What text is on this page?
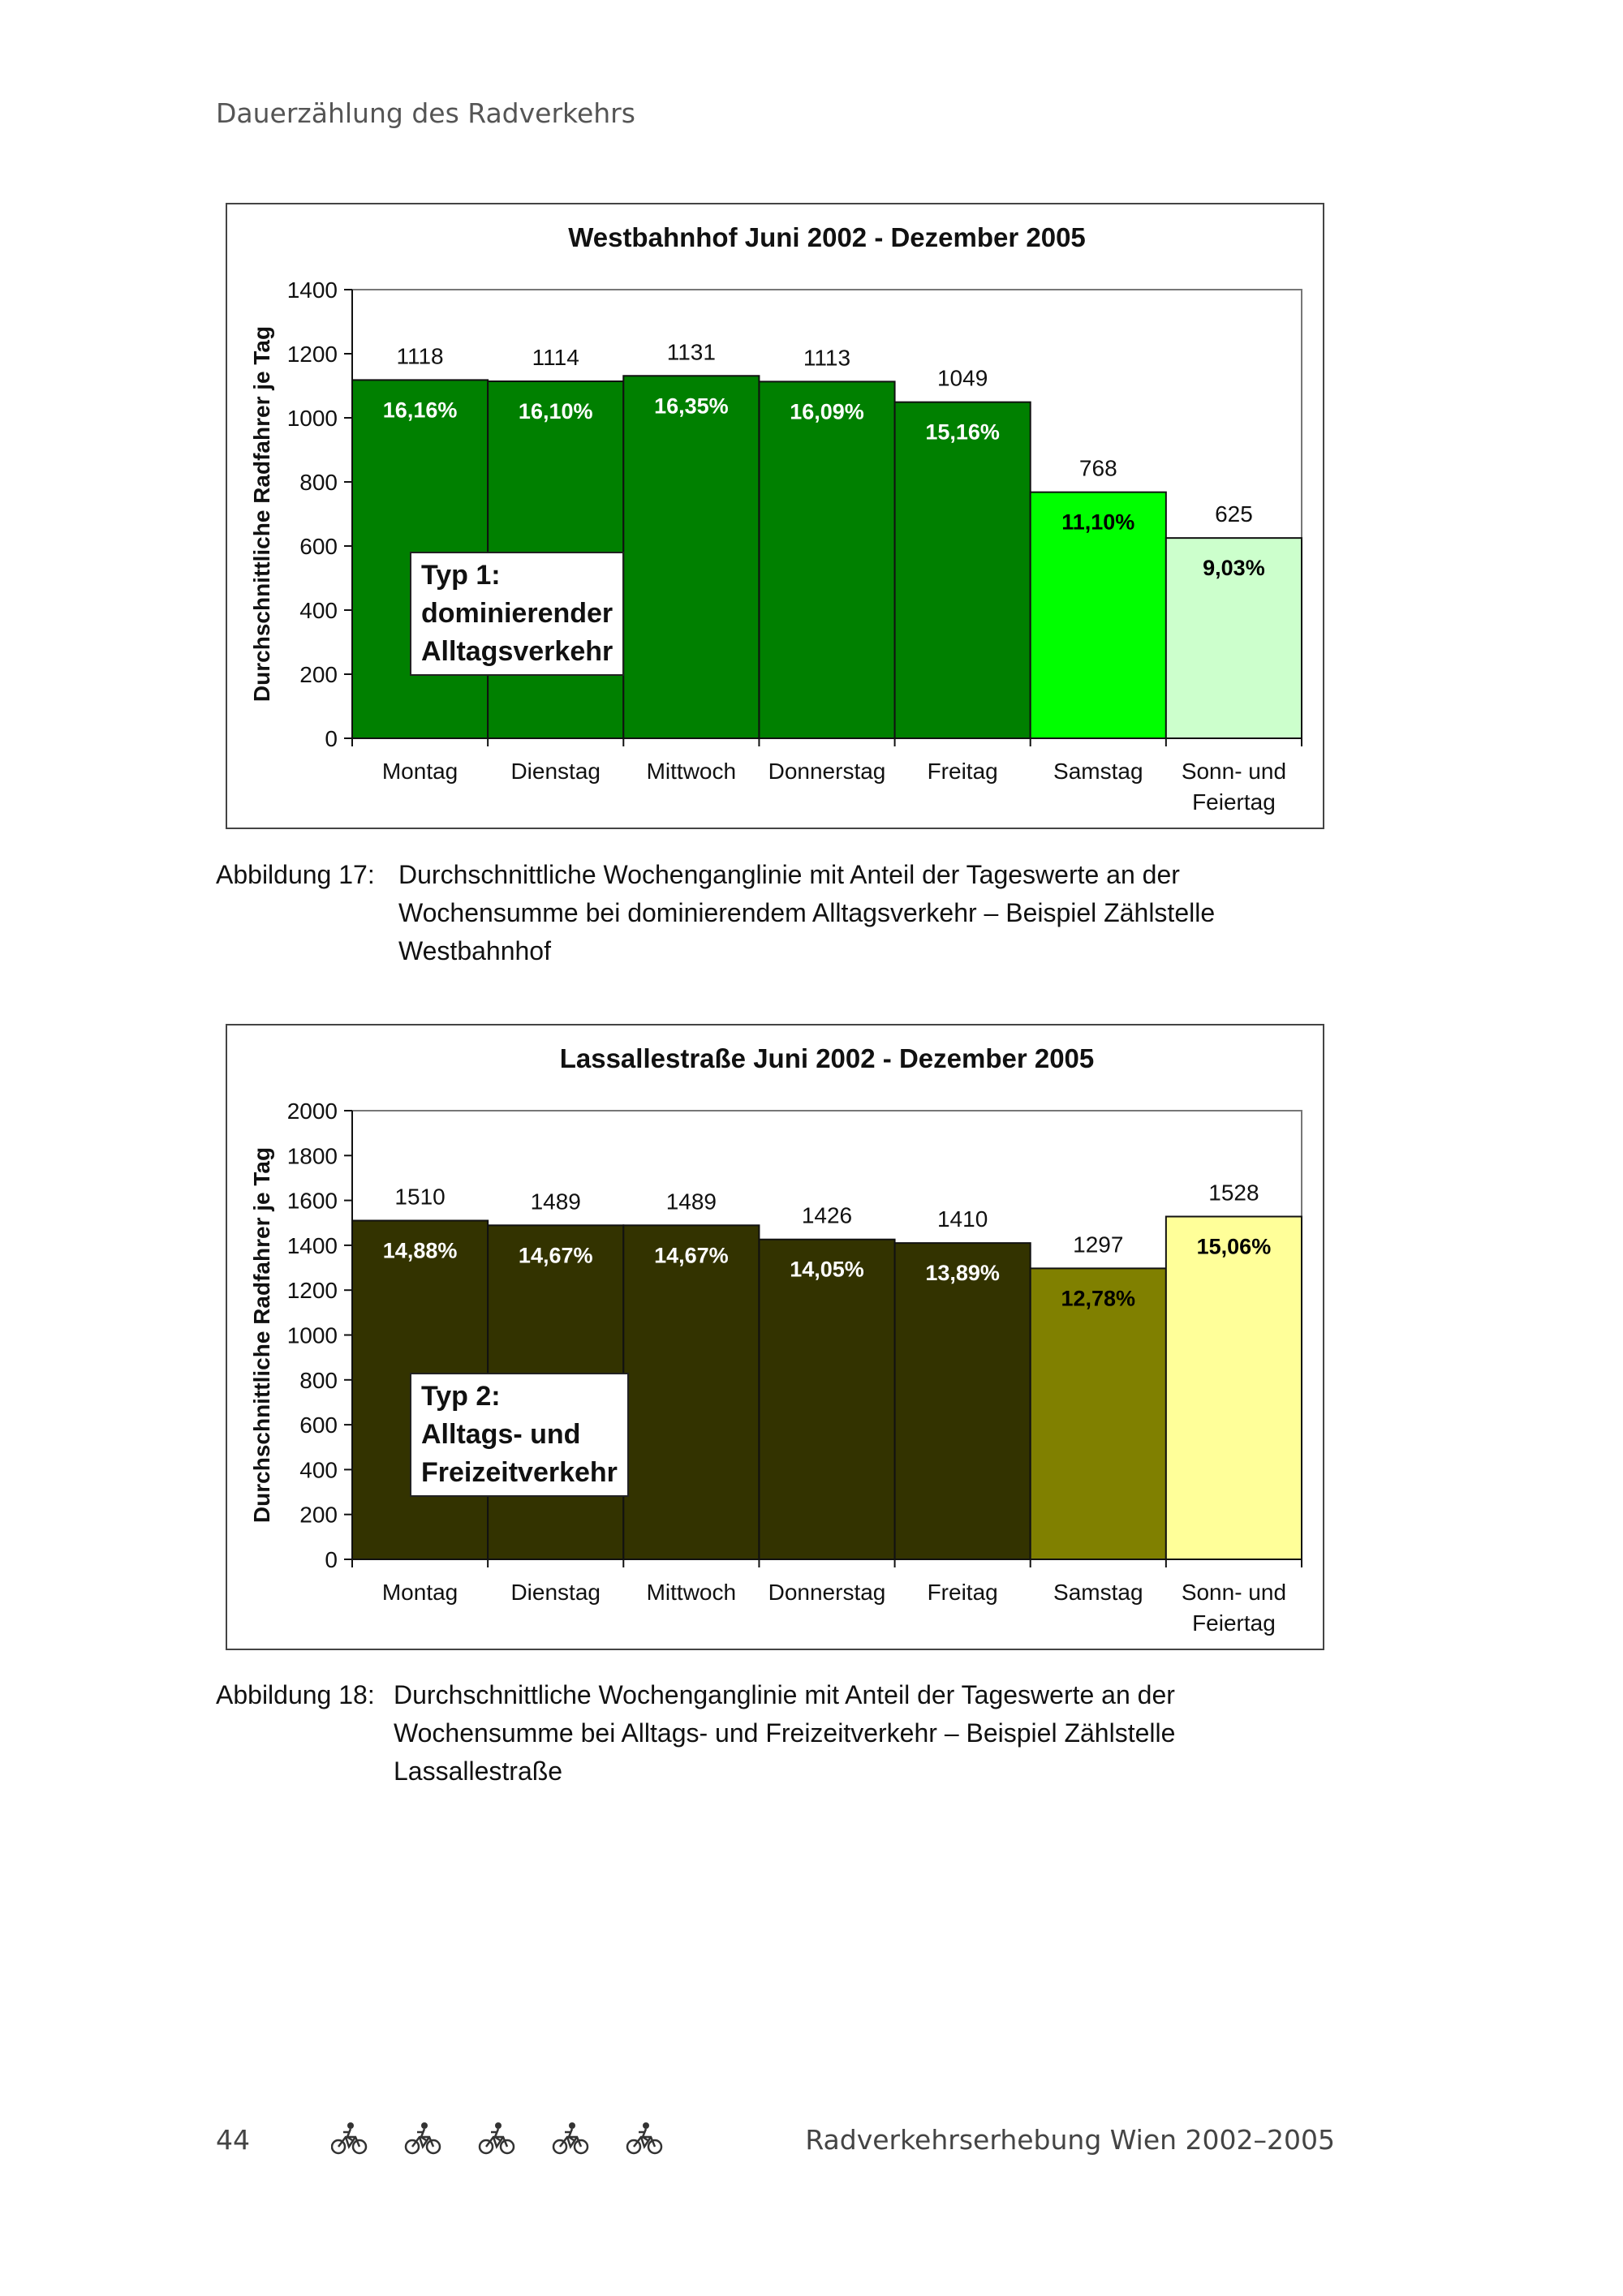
Dauerzählung des Radverkehrs
Westbahnhof Juni 2002 - Dezember 2005
1118
16,16%
1114
16,10%
1131
16,35%
1113
16,09%
1049
15,16%
768
11,10%	625
9,03%
0
200
400
600
800
1000
1200
1400
Montag Dienstag Mittwoch Donnerstag Freitag Samstag Sonn- und Feiertag
Durchschnittliche Radfahrer je Tag	Typ 1:
dominierender
Alltagsverkehr
Abbildung 17: Durchschnittliche Wochenganglinie mit Anteil der Tageswerte an der Wochensumme bei dominierendem Alltagsverkehr – Beispiel Zählstelle Westbahnhof
Lassallestraße Juni 2002 - Dezember 2005
1510
14,88%
1489
14,67%
1489
14,67%
1426
14,05%
1410
13,89%
1297
12,78%
1528
15,06%
0
200
400
600
800
1000
1200
1400
1600
1800
2000
Montag Dienstag Mittwoch Donnerstag Freitag Samstag Sonn- und Feiertag
Durchschnittliche Radfahrer je Tag	Typ 2:
Alltags- und
Freizeitverkehr
Abbildung 18: Durchschnittliche Wochenganglinie mit Anteil der Tageswerte an der Wochensumme bei Alltags- und Freizeitverkehr – Beispiel Zählstelle Lassallestraße
44	Radverkehrserhebung Wien 2002–2005
